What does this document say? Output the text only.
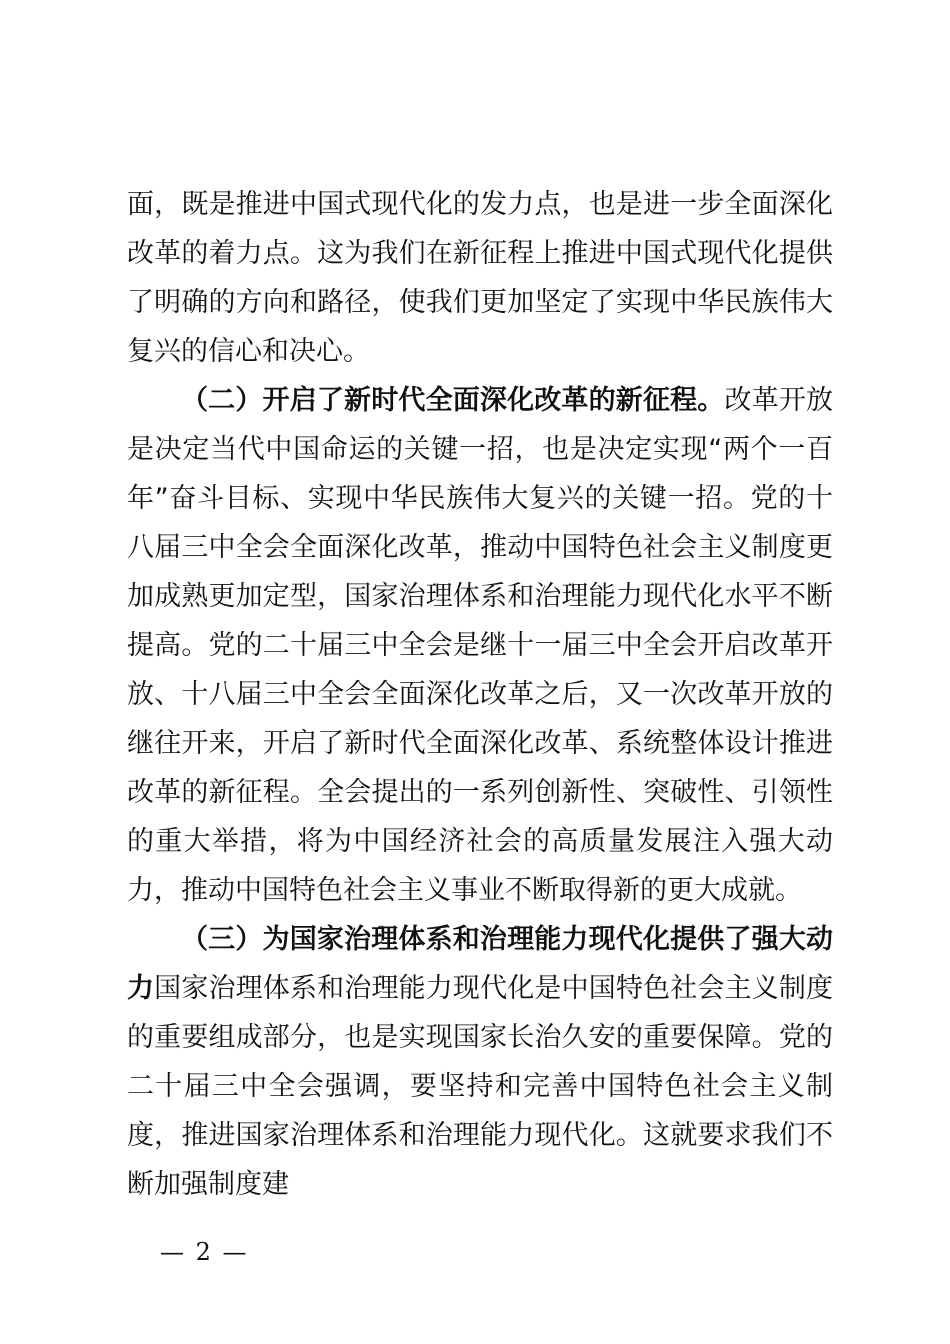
面，既是推进中国式现代化的发力点，也是进一步全面深化改革的着力点。这为我们在新征程上推进中国式现代化提供了明确的方向和路径，使我们更加坚定了实现中华民族伟大复兴的信心和决心。

（二）开启了新时代全面深化改革的新征程。改革开放是决定当代中国命运的关键一招，也是决定实现“两个一百年”奋斗目标、实现中华民族伟大复兴的关键一招。党的十八届三中全会全面深化改革，推动中国特色社会主义制度更加成熟更加定型，国家治理体系和治理能力现代化水平不断提高。党的二十届三中全会是继十一届三中全会开启改革开放、十八届三中全会全面深化改革之后，又一次改革开放的继往开来，开启了新时代全面深化改革、系统整体设计推进改革的新征程。全会提出的一系列创新性、突破性、引领性的重大举措，将为中国经济社会的高质量发展注入强大动力，推动中国特色社会主义事业不断取得新的更大成就。

（三）为国家治理体系和治理能力现代化提供了强大动力国家治理体系和治理能力现代化是中国特色社会主义制度的重要组成部分，也是实现国家长治久安的重要保障。党的二十届三中全会强调，要坚持和完善中国特色社会主义制度，推进国家治理体系和治理能力现代化。这就要求我们不断加强制度建

— 2 —
